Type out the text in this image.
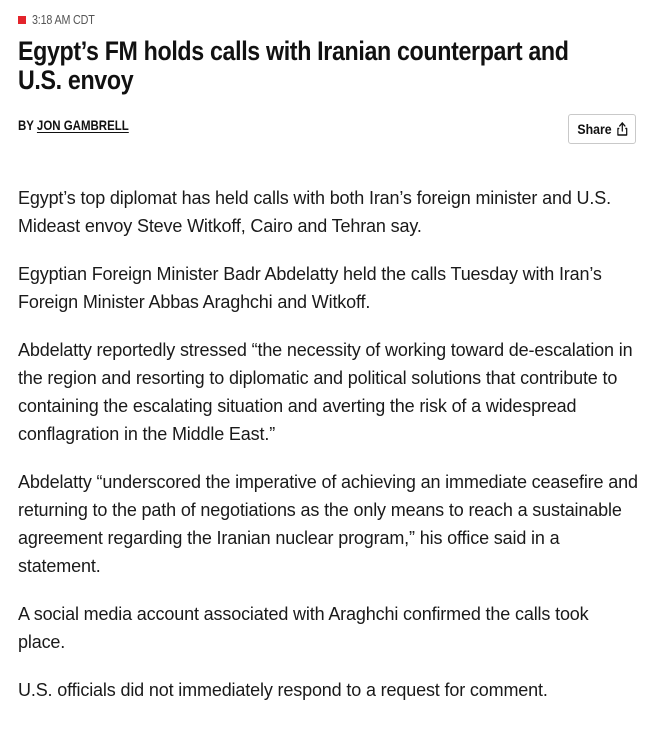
3:18 AM CDT
Egypt’s FM holds calls with Iranian counterpart and U.S. envoy
BY JON GAMBRELL	Share

Egypt’s top diplomat has held calls with both Iran’s foreign minister and U.S. Mideast envoy Steve Witkoff, Cairo and Tehran say.

Egyptian Foreign Minister Badr Abdelatty held the calls Tuesday with Iran’s Foreign Minister Abbas Araghchi and Witkoff.

Abdelatty reportedly stressed “the necessity of working toward de-escalation in the region and resorting to diplomatic and political solutions that contribute to containing the escalating situation and averting the risk of a widespread conflagration in the Middle East.”

Abdelatty “underscored the imperative of achieving an immediate ceasefire and returning to the path of negotiations as the only means to reach a sustainable agreement regarding the Iranian nuclear program,” his office said in a statement.

A social media account associated with Araghchi confirmed the calls took place.

U.S. officials did not immediately respond to a request for comment.
